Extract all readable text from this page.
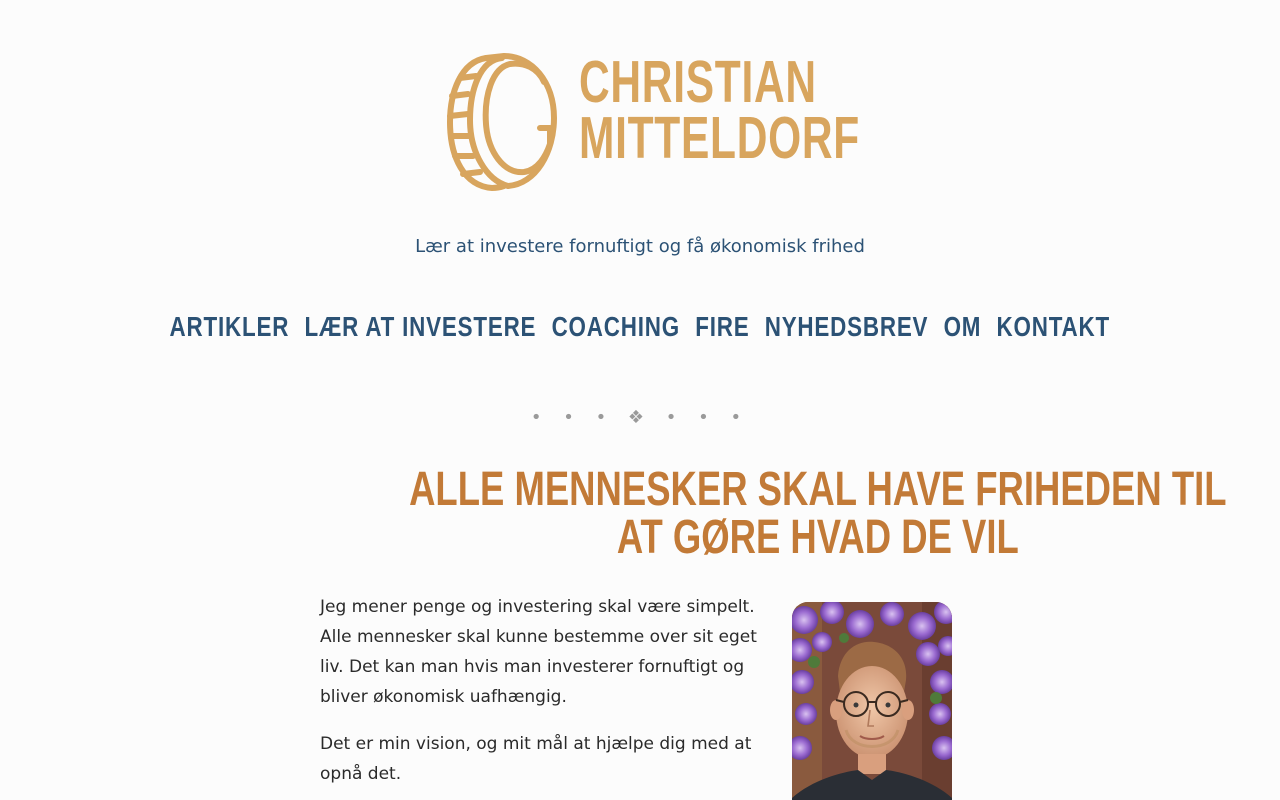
CHRISTIAN
MITTELDORF
Lær at investere fornuftigt og få økonomisk frihed
ARTIKLER LÆR AT INVESTERE COACHING FIRE NYHEDSBREV OM KONTAKT
• • • ❖ • • •
ALLE MENNESKER SKAL HAVE FRIHEDEN TIL
AT GØRE HVAD DE VIL

Jeg mener penge og investering skal være simpelt. Alle mennesker skal kunne bestemme over sit eget liv. Det kan man hvis man investerer fornuftigt og bliver økonomisk uafhængig.

Det er min vision, og mit mål at hjælpe dig med at opnå det.
